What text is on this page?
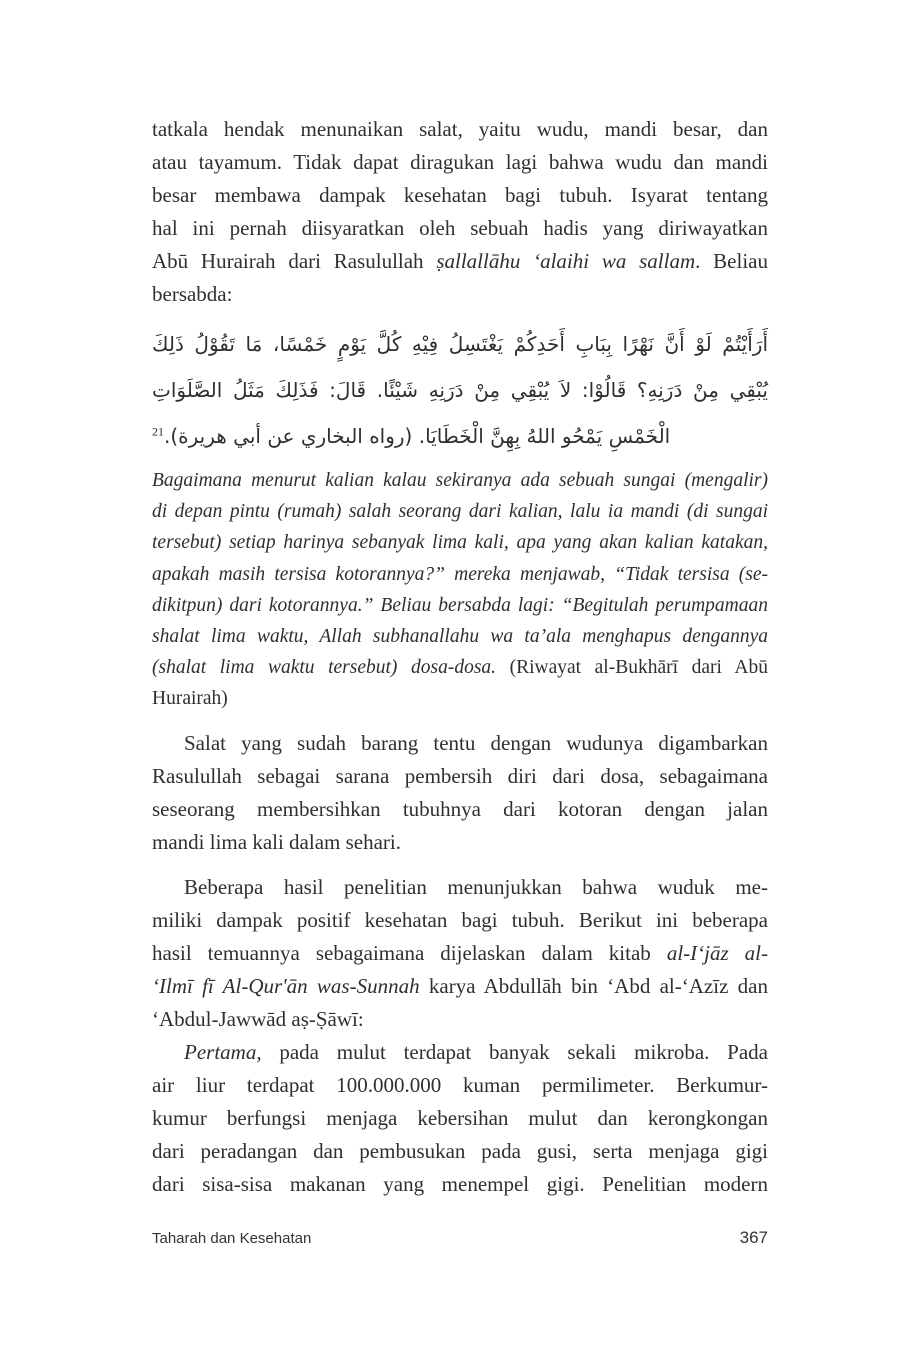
tatkala hendak menunaikan salat, yaitu wudu, mandi besar, dan
atau tayamum. Tidak dapat diragukan lagi bahwa wudu dan mandi
besar membawa dampak kesehatan bagi tubuh. Isyarat tentang
hal ini pernah diisyaratkan oleh sebuah hadis yang diriwayatkan
Abū Hurairah dari Rasulullah ṣallallāhu ‘alaihi wa sallam. Beliau
bersabda:
أَرَأَيْتُمْ لَوْ أَنَّ نَهْرًا بِبَابِ أَحَدِكُمْ يَغْتَسِلُ فِيْهِ كُلَّ يَوْمٍ خَمْسًا، مَا تَقُوْلُ ذَلِكَ
يُبْقِي مِنْ دَرَنِهِ؟ قَالُوْا: لاَ يُبْقِي مِنْ دَرَنِهِ شَيْئًا. قَالَ: فَذَلِكَ مَثَلُ الصَّلَوَاتِ
الْخَمْسِ يَمْحُو اللهُ بِهِنَّ الْخَطَايَا. (رواه البخاري عن أبي هريرة).$^{21}$
Bagaimana menurut kalian kalau sekiranya ada sebuah sungai (mengalir)
di depan pintu (rumah) salah seorang dari kalian, lalu ia mandi (di sungai
tersebut) setiap harinya sebanyak lima kali, apa yang akan kalian katakan,
apakah masih tersisa kotorannya?” mereka menjawab, “Tidak tersisa (se-
dikitpun) dari kotorannya.” Beliau bersabda lagi: “Begitulah perumpamaan
shalat lima waktu, Allah subhanallahu wa ta’ala menghapus dengannya
(shalat lima waktu tersebut) dosa-dosa. (Riwayat al-Bukhārī dari Abū
Hurairah)
Salat yang sudah barang tentu dengan wudunya digambarkan
Rasulullah sebagai sarana pembersih diri dari dosa, sebagaimana
seseorang membersihkan tubuhnya dari kotoran dengan jalan
mandi lima kali dalam sehari.
Beberapa hasil penelitian menunjukkan bahwa wuduk me-
miliki dampak positif kesehatan bagi tubuh. Berikut ini beberapa
hasil temuannya sebagaimana dijelaskan dalam kitab al-I‘jāz al-
‘Ilmī fī Al-Qur'ān was-Sunnah karya Abdullāh bin ‘Abd al-‘Azīz dan
‘Abdul-Jawwād aṣ-Ṣāwī:
Pertama, pada mulut terdapat banyak sekali mikroba. Pada
air liur terdapat 100.000.000 kuman permilimeter. Berkumur-
kumur berfungsi menjaga kebersihan mulut dan kerongkongan
dari peradangan dan pembusukan pada gusi, serta menjaga gigi
dari sisa-sisa makanan yang menempel gigi. Penelitian modern
Taharah dan Kesehatan	367
